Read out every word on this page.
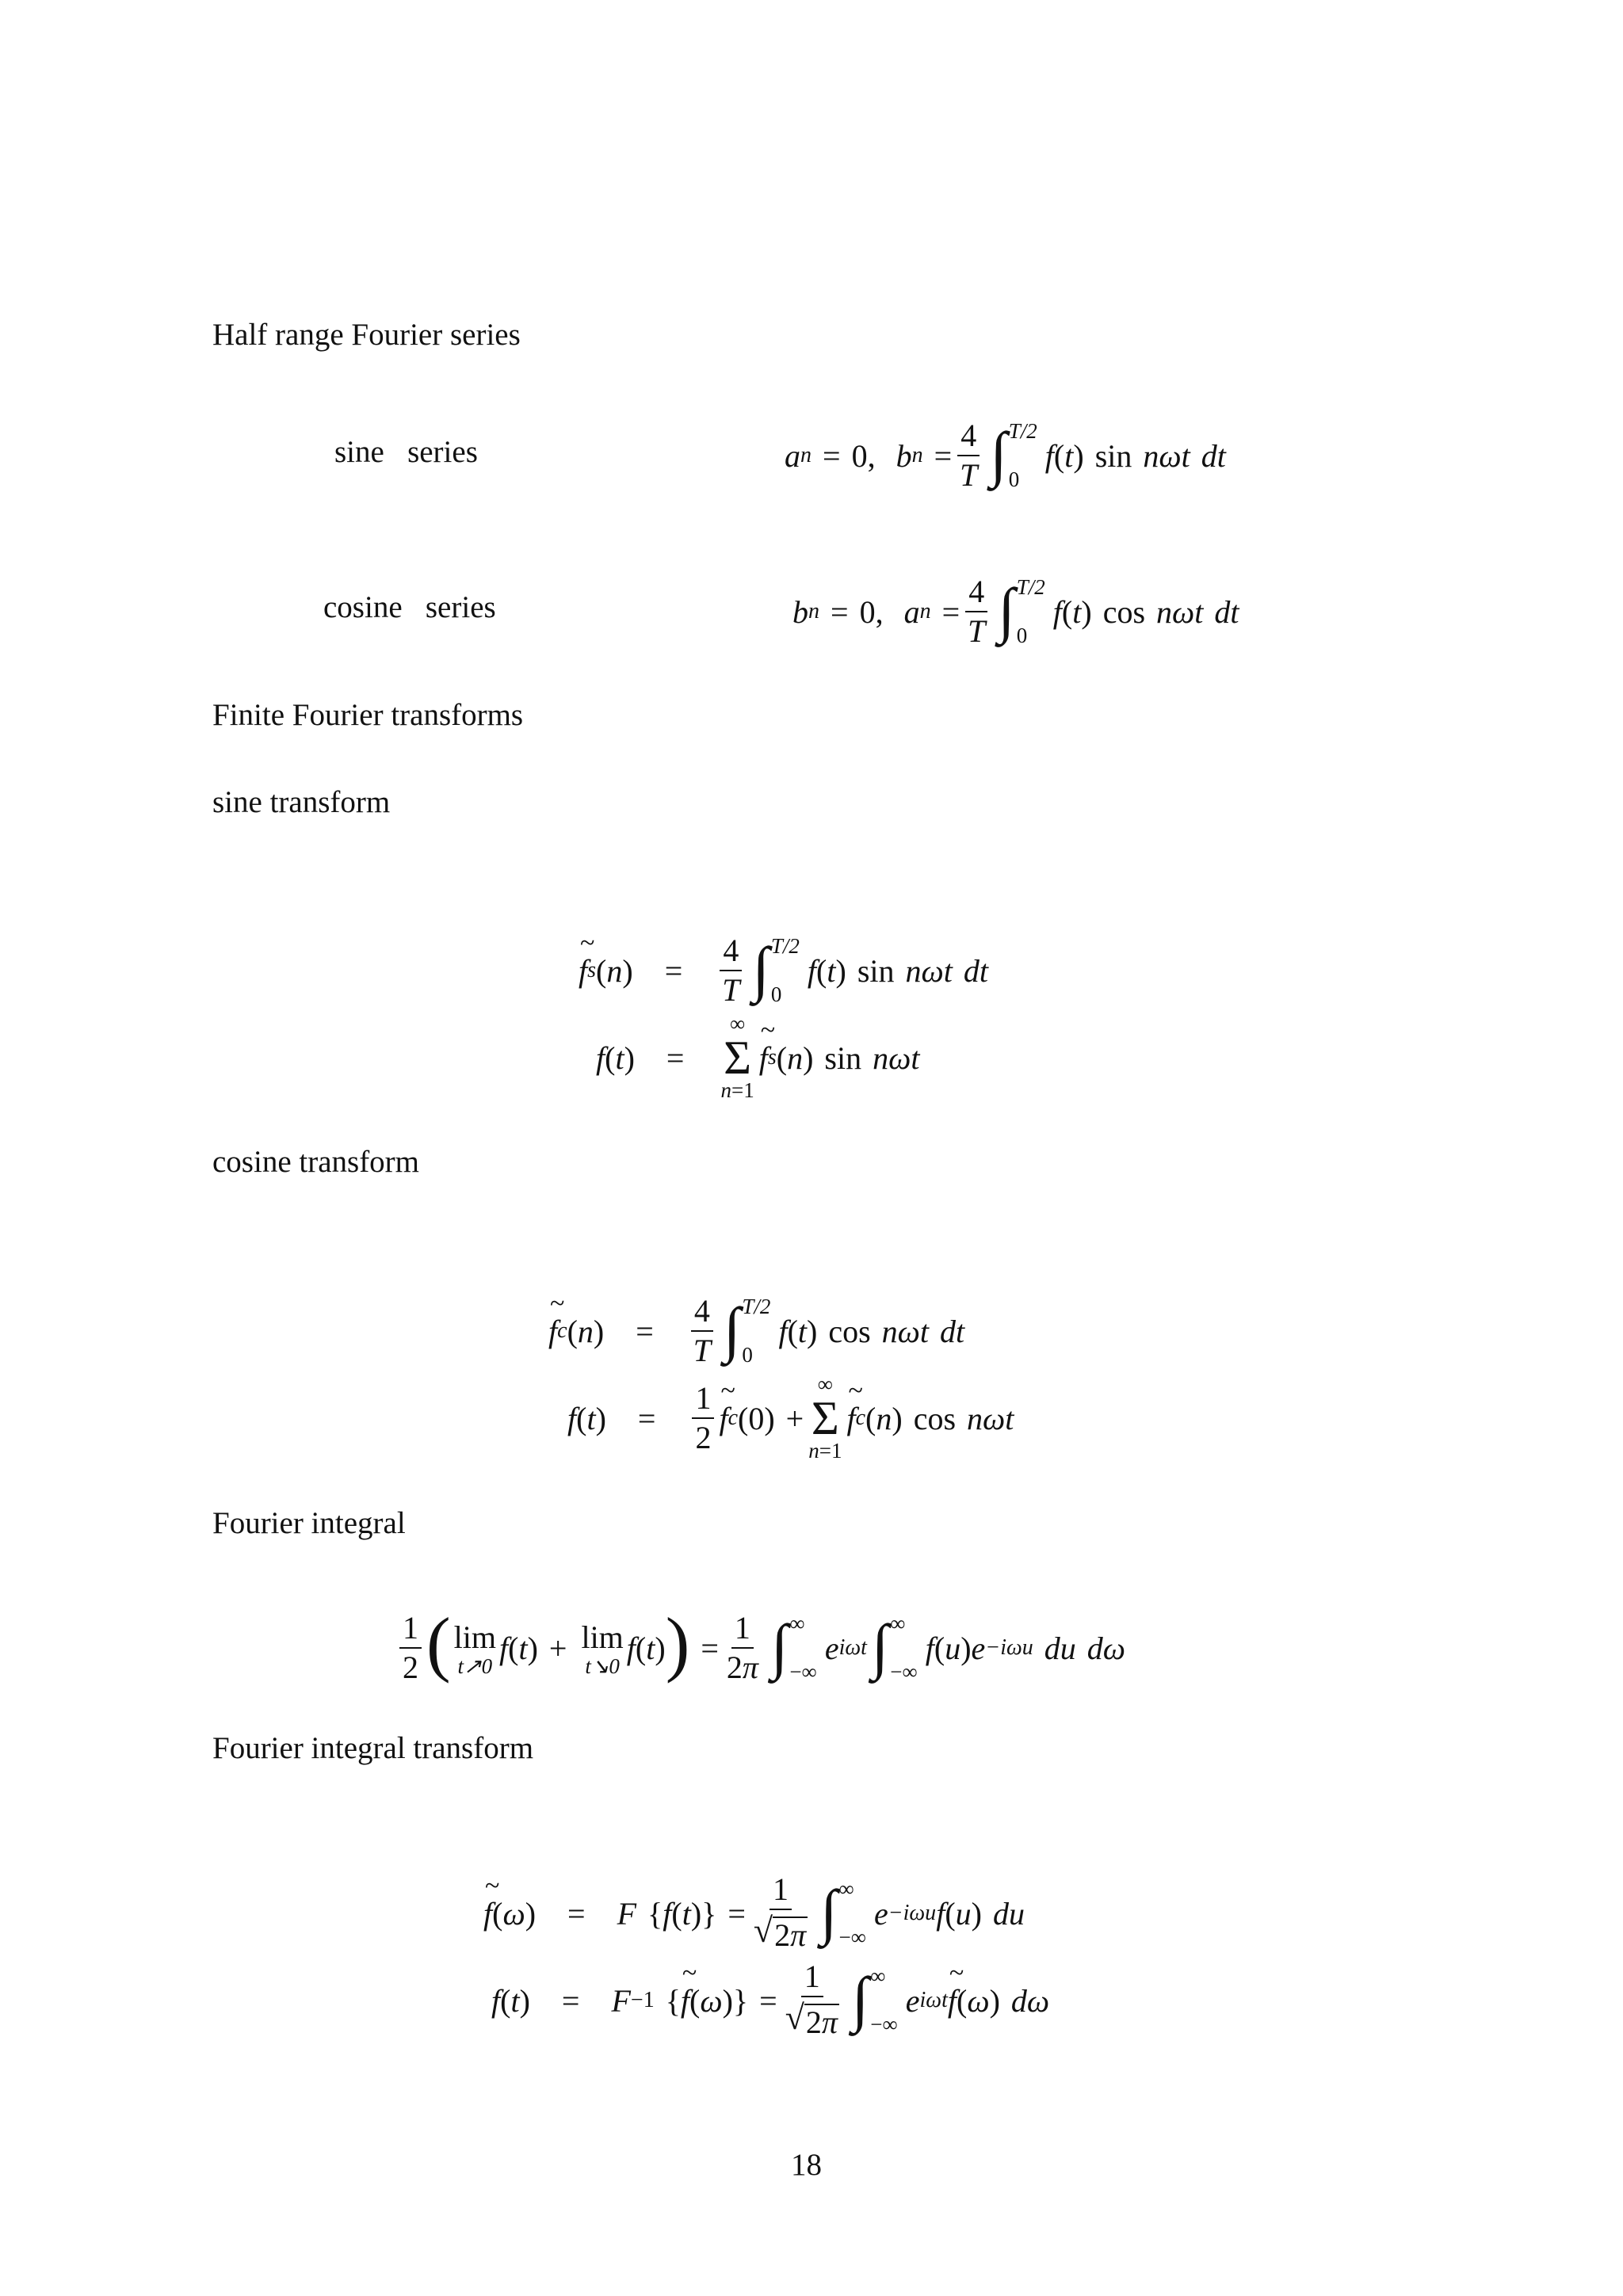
Half range Fourier series
sine   series	a n = 0, b $n = \frac{4}{T}$ ∫ T/2
0
f ( t ) sin nωt dt
cosine   series	b n = 0, a $n = \frac{4}{T}$ ∫ T/2
0
f ( t ) cos nωt dt
Finite Fourier transforms
sine transform
~ f s ( n )
= $\frac{4}{T}$ ∫ T/2
0
f ( t ) sin nωt dt
f ( t )
=
∞
Σ
n=1
~ f s ( n ) sin nωt
cosine transform
~ f c ( n )
= $\frac{4}{T}$ ∫ T/2
0
f ( t ) cos nωt dt
f ( t )
= $\frac{1}{2}$ ~ f c (0) +
∞
Σ
n=1
~ f c ( n ) cos nωt
Fourier integral
$\frac{1}{2}$ ( lim
t↗0
f ( t ) + lim
t↘0
f ( t ) ) = $\frac{1}{2\pi}$ ∫ ∞
−∞
e iωt ∫ ∞
−∞
f ( u ) e −iωu du dω
Fourier integral transform
~ f ( ω )
= F { f ( t )} = $\frac{1}{√ 2\pi}$ ∫ ∞
−∞
e −iωu f ( u ) du
f ( t )
= F −1 { ~ f ( ω )} = $\frac{1}{√ 2\pi}$ ∫ ∞
−∞
e iωt ~ f ( ω ) dω
18
